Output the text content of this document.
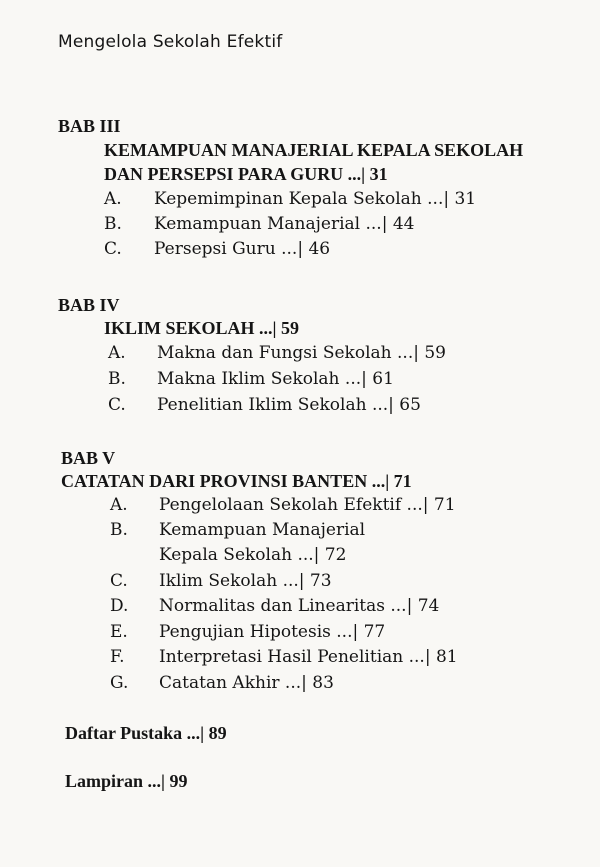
Mengelola Sekolah Efektif
BAB III
KEMAMPUAN MANAJERIAL KEPALA SEKOLAH
DAN PERSEPSI PARA GURU ...| 31
A. Kepemimpinan Kepala Sekolah ...| 31
B. Kemampuan Manajerial ...| 44
C. Persepsi Guru ...| 46
BAB IV
IKLIM SEKOLAH ...| 59
A. Makna dan Fungsi Sekolah ...| 59
B. Makna Iklim Sekolah ...| 61
C. Penelitian Iklim Sekolah ...| 65
BAB V
CATATAN DARI PROVINSI BANTEN ...| 71
A. Pengelolaan Sekolah Efektif ...| 71
B. Kemampuan Manajerial
Kepala Sekolah ...| 72
C. Iklim Sekolah ...| 73
D. Normalitas dan Linearitas ...| 74
E. Pengujian Hipotesis ...| 77
F. Interpretasi Hasil Penelitian ...| 81
G. Catatan Akhir ...| 83
Daftar Pustaka ...| 89
Lampiran ...| 99
